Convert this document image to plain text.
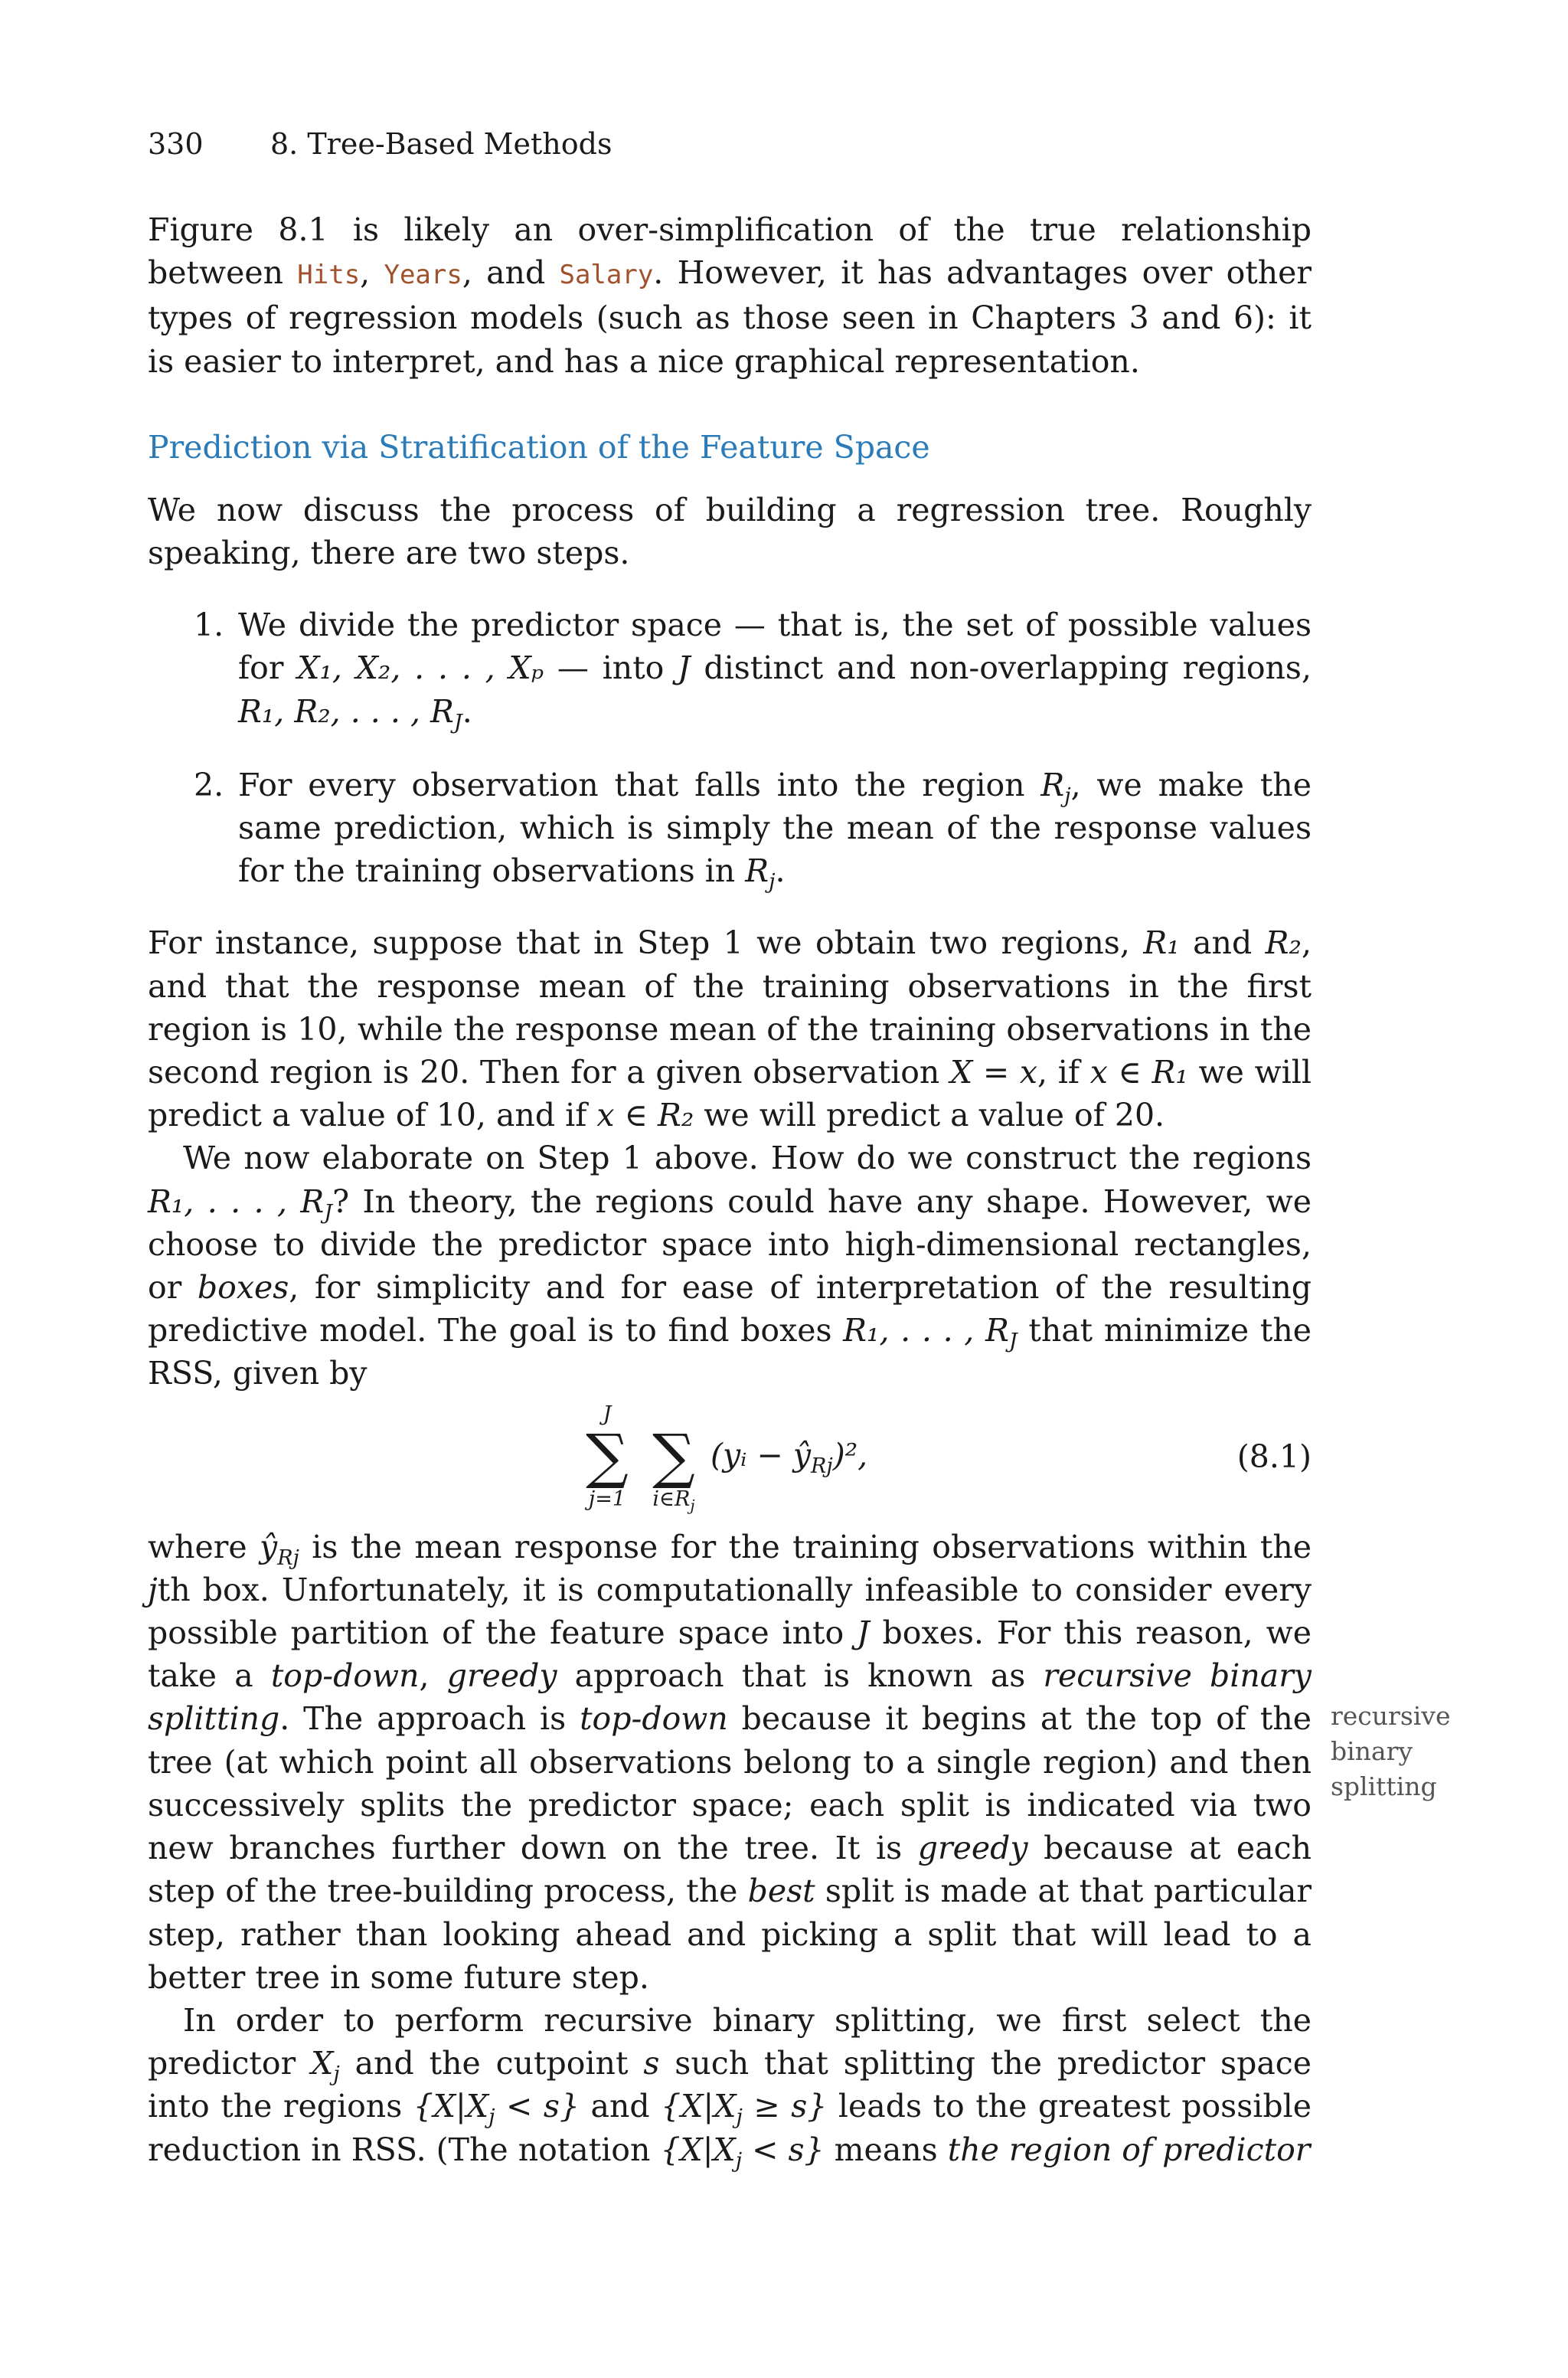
330 8. Tree-Based Methods

Figure 8.1 is likely an over-simplification of the true relationship between Hits, Years, and Salary. However, it has advantages over other types of regression models (such as those seen in Chapters 3 and 6): it is easier to interpret, and has a nice graphical representation.

Prediction via Stratification of the Feature Space

We now discuss the process of building a regression tree. Roughly speaking, there are two steps.

1. We divide the predictor space — that is, the set of possible values for X₁, X₂, . . . , Xₚ — into J distinct and non-overlapping regions, R₁, R₂, . . . , $R_J$.
2. For every observation that falls into the region $R_j$, we make the same prediction, which is simply the mean of the response values for the training observations in $R_j$.

For instance, suppose that in Step 1 we obtain two regions, R₁ and R₂, and that the response mean of the training observations in the first region is 10, while the response mean of the training observations in the second region is 20. Then for a given observation X = x, if x ∈ R₁ we will predict a value of 10, and if x ∈ R₂ we will predict a value of 20.

We now elaborate on Step 1 above. How do we construct the regions R₁, . . . , $R_J$? In theory, the regions could have any shape. However, we choose to divide the predictor space into high-dimensional rectangles, or boxes, for simplicity and for ease of interpretation of the resulting predictive model. The goal is to find boxes R₁, . . . , $R_J$ that minimize the RSS, given by

J
∑
j=1
∑
$i\in R_j$
(yᵢ − $ŷ_{Rj})^2$,	(8.1)

where $ŷ_{Rj}$ is the mean response for the training observations within the jth box. Unfortunately, it is computationally infeasible to consider every possible partition of the feature space into J boxes. For this reason, we take a top-down, greedy approach that is known as recursive binary splitting. The approach is top-down because it begins at the top of the tree (at which point all observations belong to a single region) and then successively splits the predictor space; each split is indicated via two new branches further down on the tree. It is greedy because at each step of the tree-building process, the best split is made at that particular step, rather than looking ahead and picking a split that will lead to a better tree in some future step.

In order to perform recursive binary splitting, we first select the predictor $X_j$ and the cutpoint s such that splitting the predictor space into the regions $\{X|X_j < s\}$ and $\{X|X_j \ge s\}$ leads to the greatest possible reduction in RSS. (The notation $\{X|X_j < s\}$ means the region of predictor

recursive
binary
splitting
